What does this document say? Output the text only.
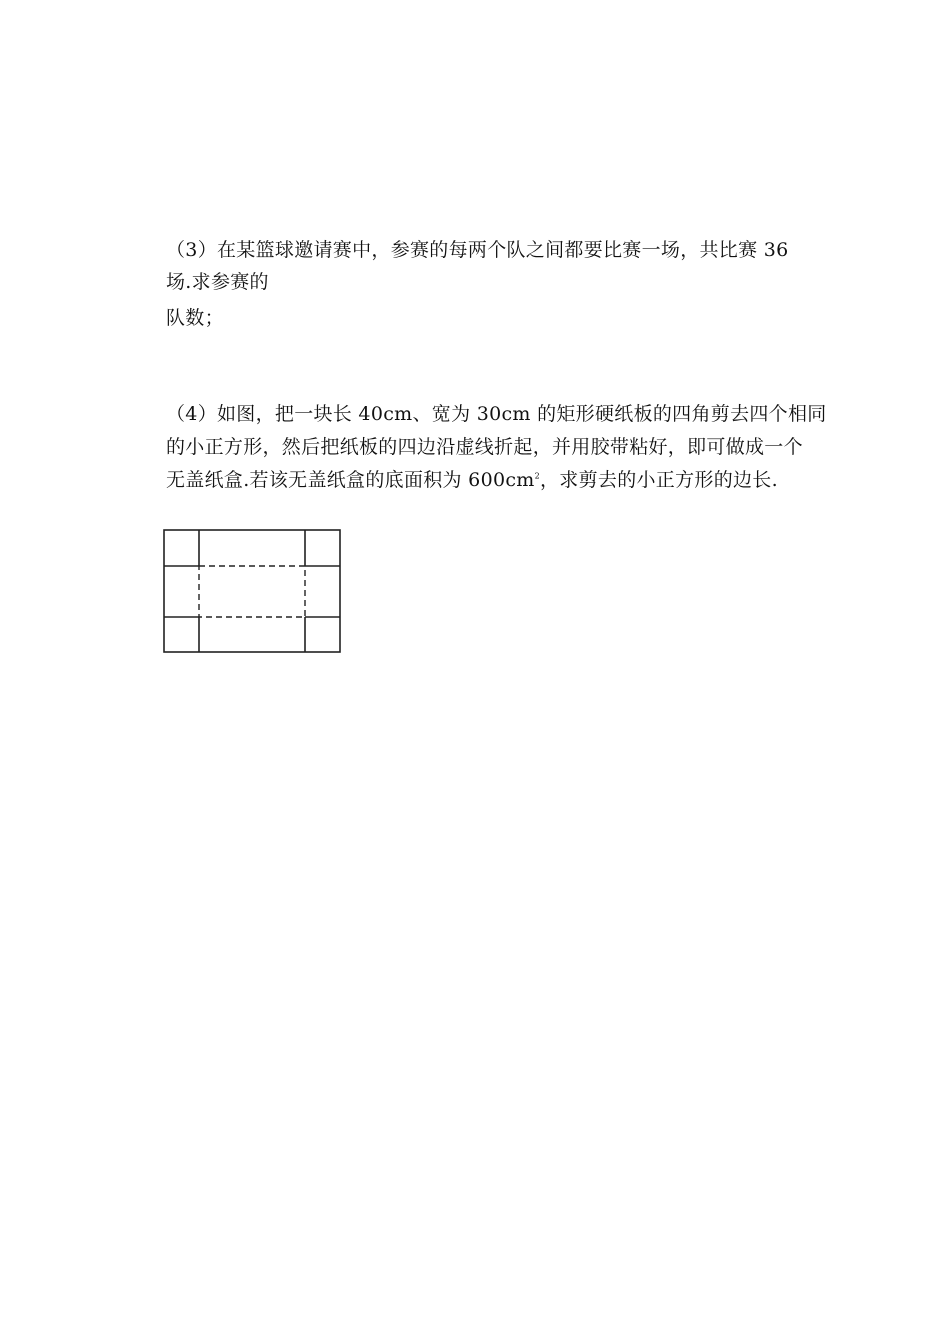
（3）在某篮球邀请赛中，参赛的每两个队之间都要比赛一场，共比赛 36
场.求参赛的
队数；
（4）如图，把一块长 40cm、宽为 30cm 的矩形硬纸板的四角剪去四个相同
的小正方形，然后把纸板的四边沿虚线折起，并用胶带粘好，即可做成一个
无盖纸盒.若该无盖纸盒的底面积为 $600cm^2$，求剪去的小正方形的边长.
